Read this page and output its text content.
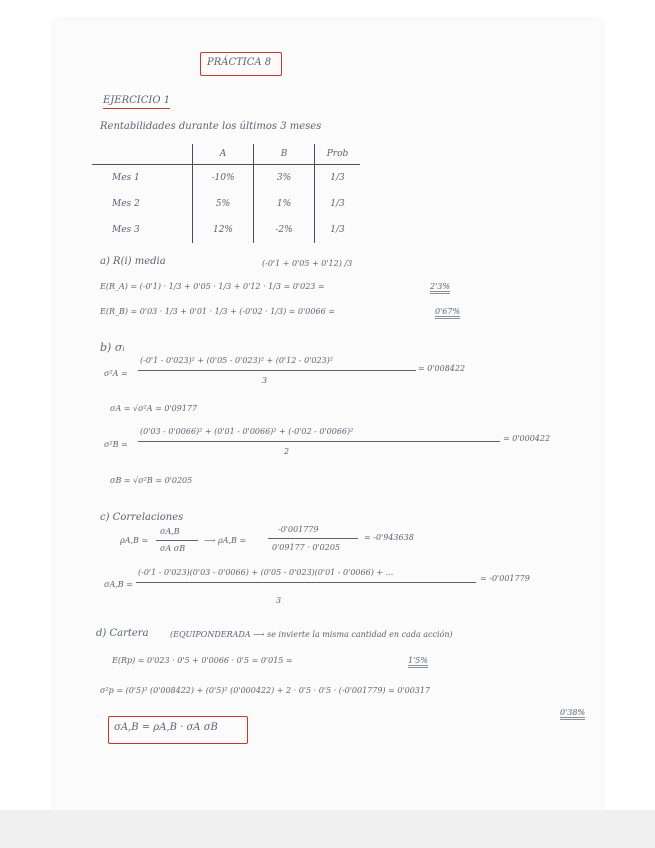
PRÁCTICA 8
EJERCICIO 1
Rentabilidades durante los últimos 3 meses
	A	B	Prob
Mes 1	-10%	3%	1/3
Mes 2	5%	1%	1/3
Mes 3	12%	-2%	1/3
a) R(i) media	(-0'1 + 0'05 + 0'12) /3
E(R_A) = (-0'1) · 1/3 + 0'05 · 1/3 + 0'12 · 1/3 = 0'023 =	2'3%
E(R_B) = 0'03 · 1/3 + 0'01 · 1/3 + (-0'02 · 1/3) = 0'0066 =	0'67%
b) σᵢ
σ²A =
(-0'1 - 0'023)² + (0'05 - 0'023)² + (0'12 - 0'023)²
3
= 0'008422
σA = √σ²A = 0'09177
σ²B =
(0'03 - 0'0066)² + (0'01 - 0'0066)² + (-0'02 - 0'0066)²
2
= 0'000422
σB = √σ²B = 0'0205
c) Correlaciones
ρA,B =
σA,B
σA σB
⟶ ρA,B =
-0'001779
0'09177 · 0'0205
= -0'943638
σA,B =
(-0'1 - 0'023)(0'03 - 0'0066) + (0'05 - 0'023)(0'01 - 0'0066) + ...
3
= -0'001779
d) Cartera	(EQUIPONDERADA ⟶ se invierte la misma cantidad en cada acción)
E(Rp) = 0'023 · 0'5 + 0'0066 · 0'5 = 0'015 =	1'5%
σ²p = (0'5)² (0'008422) + (0'5)² (0'000422) + 2 · 0'5 · 0'5 · (-0'001779) = 0'00317
0'38%
σA,B = ρA,B · σA σB
